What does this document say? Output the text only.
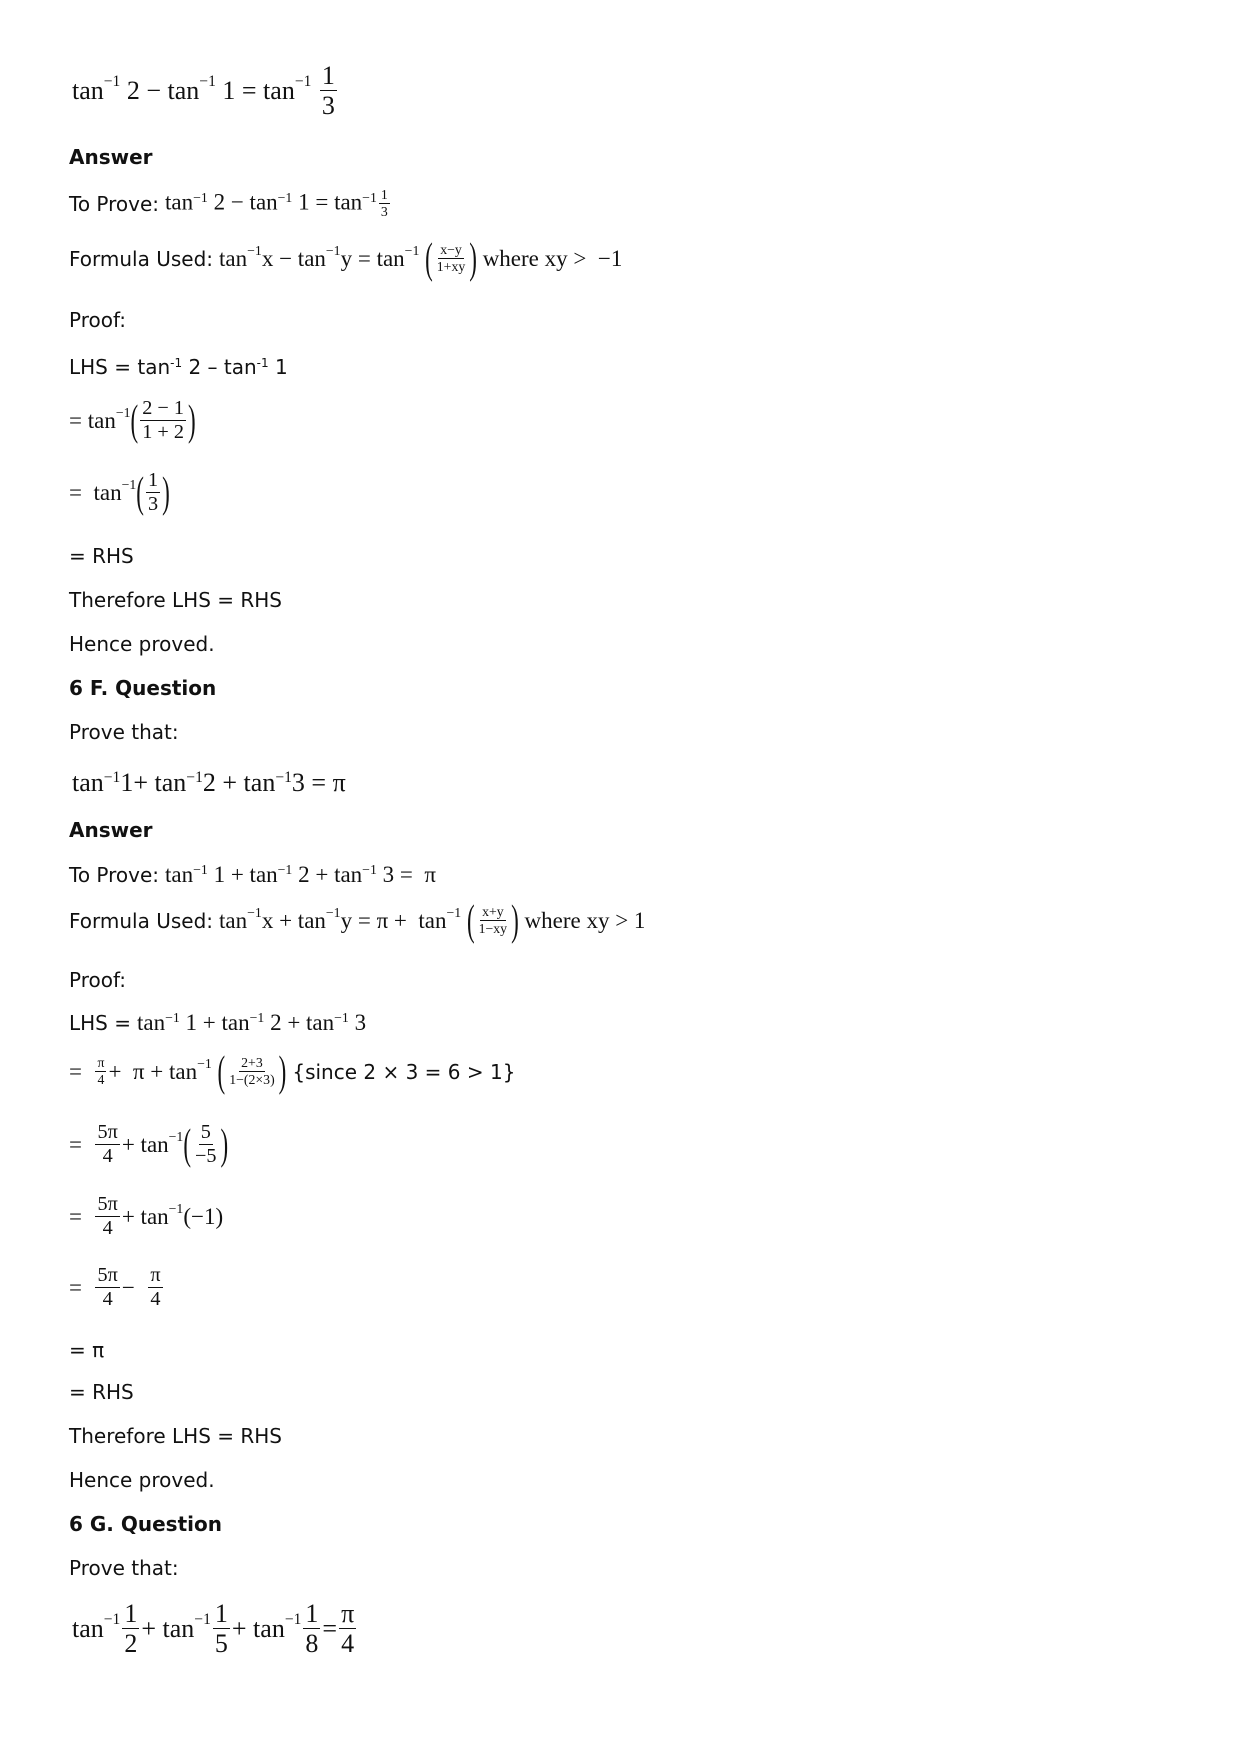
$\tan^{-1} 2 - \tan^{-1} 1 = \tan^{-1}$
$\frac{1}{3}$
Answer
To Prove: $\tan^{-1} 2 - \tan^{-1} 1 = \tan^{-1} \frac{1}{3}$
Formula Used: $\tan^{-1} x - \tan^{-1} y = \tan^{-1}$
( $\frac{x-y}{1+xy}$ ) where xy >  −1
Proof:
LHS = $\tan^{-1} 2 - \tan^{-1} 1$
= $\tan^{-1}$ ( $\frac{2 - 1}{1 + 2}$ )
=  $\tan^{-1}$ ( $\frac{1}{3}$ )
= RHS
Therefore LHS = RHS
Hence proved.
6 F. Question
Prove that:
$\tan^{-1}1+ \tan^{-1}2 + \tan^{-1}3 = \pi$
Answer
To Prove: $\tan^{-1} 1 + \tan^{-1} 2 + \tan^{-1} 3 = \pi$
Formula Used: $\tan^{-1} x + \tan^{-1} y = \pi + \tan^{-1}$
( $\frac{x+y}{1-xy}$ ) where xy > 1
Proof:
LHS = $\tan^{-1} 1 + \tan^{-1} 2 + \tan^{-1} 3$
= $\frac{\pi}{4} + \pi + \tan^{-1}$
( $\frac{2+3}{1-(2\times 3)}$ ) {since 2 × 3 = 6 > 1}
= $\frac{5\pi}{4} + \tan^{-1}$ ( $\frac{5}{-5}$ )
= $\frac{5\pi}{4} + \tan^{-1} (-1)$
= $\frac{5\pi}{4} - \frac{\pi}{4}$
= π
= RHS
Therefore LHS = RHS
Hence proved.
6 G. Question
Prove that:
$\tan^{-1} \frac{1}{2} + \tan^{-1} \frac{1}{5} + \tan^{-1} \frac{1}{8} = \frac{\pi}{4}$
